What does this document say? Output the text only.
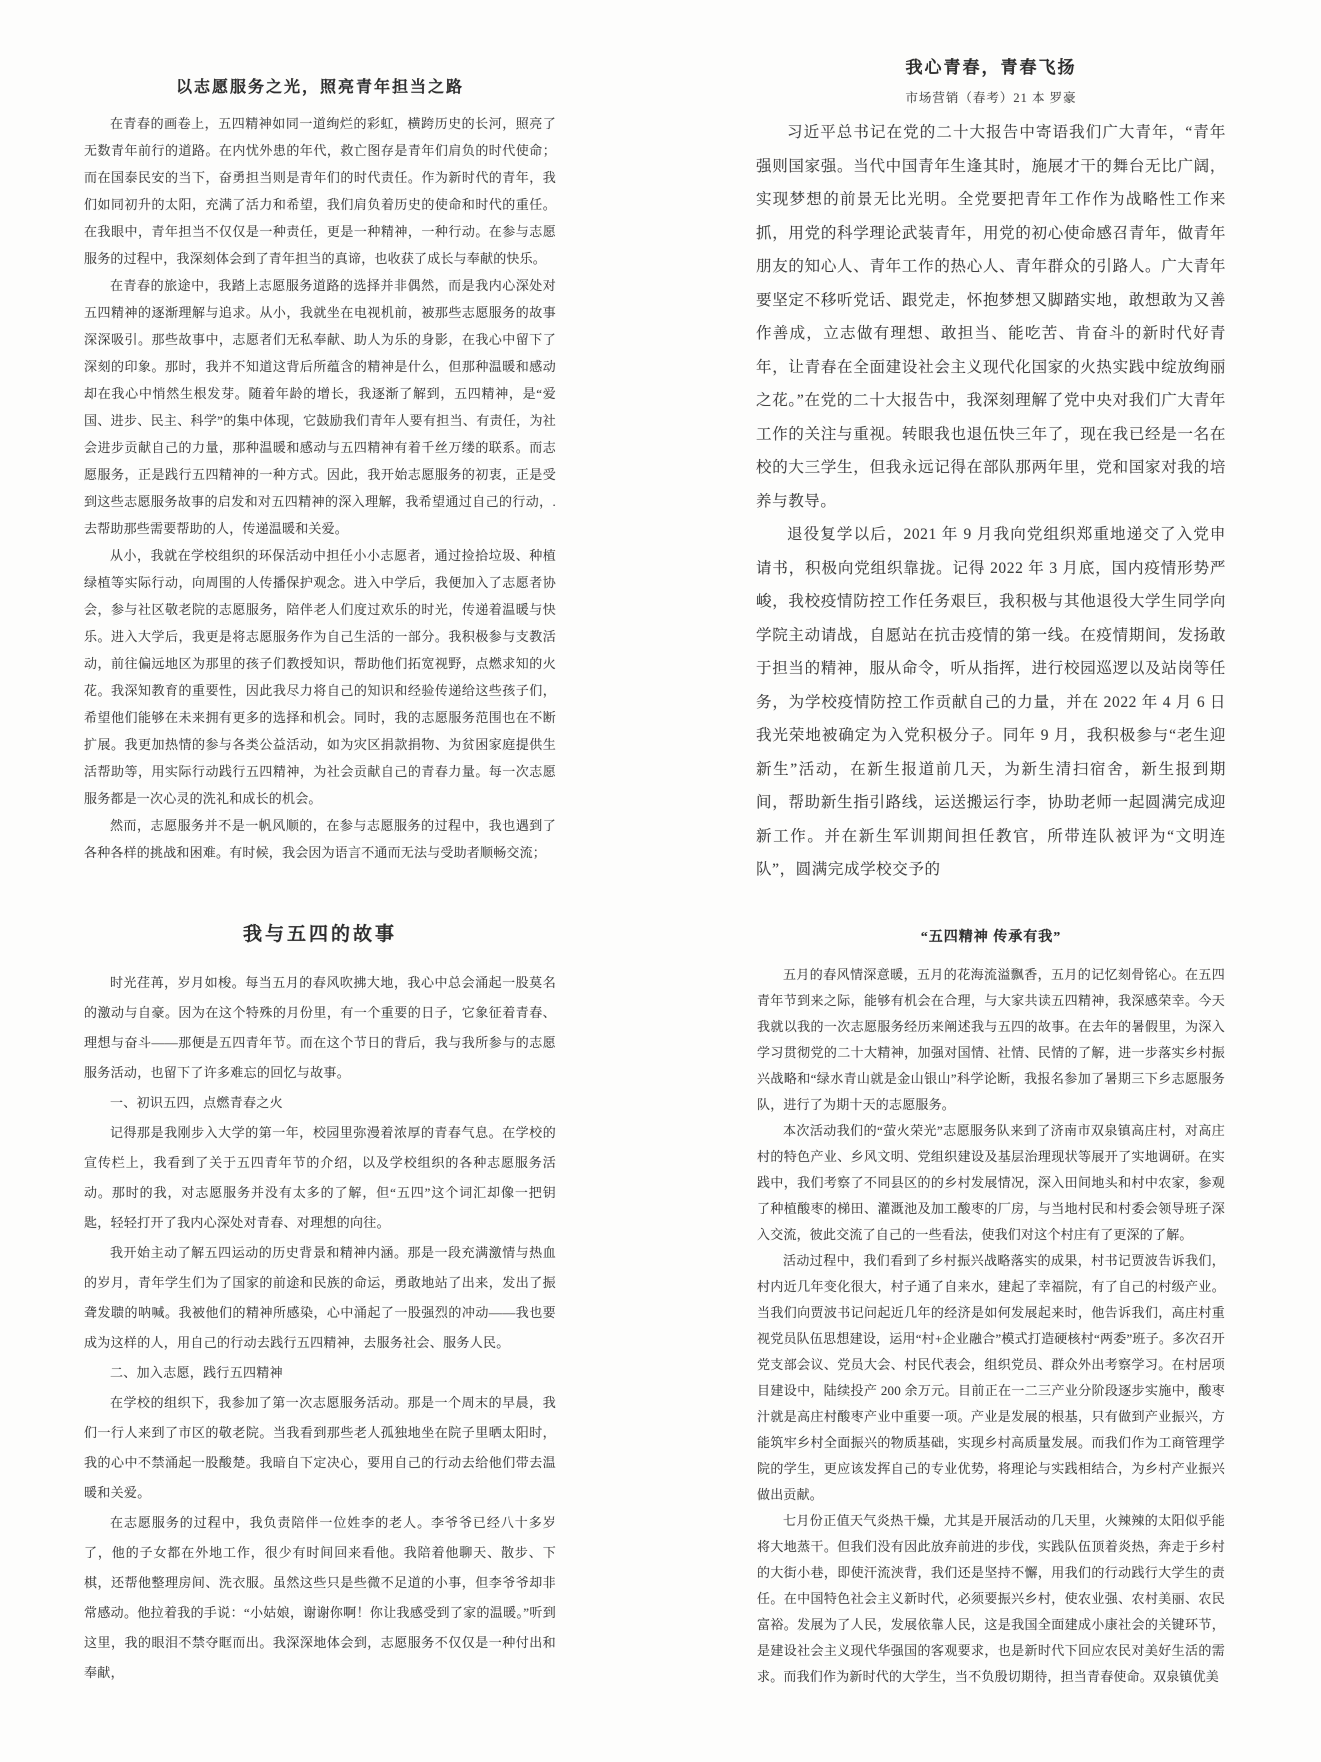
以志愿服务之光，照亮青年担当之路

在青春的画卷上，五四精神如同一道绚烂的彩虹，横跨历史的长河，照亮了无数青年前行的道路。在内忧外患的年代，救亡图存是青年们肩负的时代使命；而在国泰民安的当下，奋勇担当则是青年们的时代责任。作为新时代的青年，我们如同初升的太阳，充满了活力和希望，我们肩负着历史的使命和时代的重任。在我眼中，青年担当不仅仅是一种责任，更是一种精神，一种行动。在参与志愿服务的过程中，我深刻体会到了青年担当的真谛，也收获了成长与奉献的快乐。

在青春的旅途中，我踏上志愿服务道路的选择并非偶然，而是我内心深处对五四精神的逐渐理解与追求。从小，我就坐在电视机前，被那些志愿服务的故事深深吸引。那些故事中，志愿者们无私奉献、助人为乐的身影，在我心中留下了深刻的印象。那时，我并不知道这背后所蕴含的精神是什么，但那种温暖和感动却在我心中悄然生根发芽。随着年龄的增长，我逐渐了解到，五四精神，是“爱国、进步、民主、科学”的集中体现，它鼓励我们青年人要有担当、有责任，为社会进步贡献自己的力量，那种温暖和感动与五四精神有着千丝万缕的联系。而志愿服务，正是践行五四精神的一种方式。因此，我开始志愿服务的初衷，正是受到这些志愿服务故事的启发和对五四精神的深入理解，我希望通过自己的行动，.去帮助那些需要帮助的人，传递温暖和关爱。

从小，我就在学校组织的环保活动中担任小小志愿者，通过捡拾垃圾、种植绿植等实际行动，向周围的人传播保护观念。进入中学后，我便加入了志愿者协会，参与社区敬老院的志愿服务，陪伴老人们度过欢乐的时光，传递着温暖与快乐。进入大学后，我更是将志愿服务作为自己生活的一部分。我积极参与支教活动，前往偏远地区为那里的孩子们教授知识，帮助他们拓宽视野，点燃求知的火花。我深知教育的重要性，因此我尽力将自己的知识和经验传递给这些孩子们，希望他们能够在未来拥有更多的选择和机会。同时，我的志愿服务范围也在不断扩展。我更加热情的参与各类公益活动，如为灾区捐款捐物、为贫困家庭提供生活帮助等，用实际行动践行五四精神，为社会贡献自己的青春力量。每一次志愿服务都是一次心灵的洗礼和成长的机会。

然而，志愿服务并不是一帆风顺的，在参与志愿服务的过程中，我也遇到了各种各样的挑战和困难。有时候，我会因为语言不通而无法与受助者顺畅交流；

我心青春，青春飞扬
市场营销（春考）21 本 罗豪

习近平总书记在党的二十大报告中寄语我们广大青年，“青年强则国家强。当代中国青年生逢其时，施展才干的舞台无比广阔，实现梦想的前景无比光明。全党要把青年工作作为战略性工作来抓，用党的科学理论武装青年，用党的初心使命感召青年，做青年朋友的知心人、青年工作的热心人、青年群众的引路人。广大青年要坚定不移听党话、跟党走，怀抱梦想又脚踏实地，敢想敢为又善作善成，立志做有理想、敢担当、能吃苦、肯奋斗的新时代好青年，让青春在全面建设社会主义现代化国家的火热实践中绽放绚丽之花。”在党的二十大报告中，我深刻理解了党中央对我们广大青年工作的关注与重视。转眼我也退伍快三年了，现在我已经是一名在校的大三学生，但我永远记得在部队那两年里，党和国家对我的培养与教导。

退役复学以后，2021 年 9 月我向党组织郑重地递交了入党申请书，积极向党组织靠拢。记得 2022 年 3 月底，国内疫情形势严峻，我校疫情防控工作任务艰巨，我积极与其他退役大学生同学向学院主动请战，自愿站在抗击疫情的第一线。在疫情期间，发扬敢于担当的精神，服从命令，听从指挥，进行校园巡逻以及站岗等任务，为学校疫情防控工作贡献自己的力量，并在 2022 年 4 月 6 日我光荣地被确定为入党积极分子。同年 9 月，我积极参与“老生迎新生”活动，在新生报道前几天，为新生清扫宿舍，新生报到期间，帮助新生指引路线，运送搬运行李，协助老师一起圆满完成迎新工作。并在新生军训期间担任教官，所带连队被评为“文明连队”，圆满完成学校交予的

我与五四的故事

时光荏苒，岁月如梭。每当五月的春风吹拂大地，我心中总会涌起一股莫名的激动与自豪。因为在这个特殊的月份里，有一个重要的日子，它象征着青春、理想与奋斗——那便是五四青年节。而在这个节日的背后，我与我所参与的志愿服务活动，也留下了许多难忘的回忆与故事。

一、初识五四，点燃青春之火

记得那是我刚步入大学的第一年，校园里弥漫着浓厚的青春气息。在学校的宣传栏上，我看到了关于五四青年节的介绍，以及学校组织的各种志愿服务活动。那时的我，对志愿服务并没有太多的了解，但“五四”这个词汇却像一把钥匙，轻轻打开了我内心深处对青春、对理想的向往。

我开始主动了解五四运动的历史背景和精神内涵。那是一段充满激情与热血的岁月，青年学生们为了国家的前途和民族的命运，勇敢地站了出来，发出了振聋发聩的呐喊。我被他们的精神所感染，心中涌起了一股强烈的冲动——我也要成为这样的人，用自己的行动去践行五四精神，去服务社会、服务人民。

二、加入志愿，践行五四精神

在学校的组织下，我参加了第一次志愿服务活动。那是一个周末的早晨，我们一行人来到了市区的敬老院。当我看到那些老人孤独地坐在院子里晒太阳时，我的心中不禁涌起一股酸楚。我暗自下定决心，要用自己的行动去给他们带去温暖和关爱。

在志愿服务的过程中，我负责陪伴一位姓李的老人。李爷爷已经八十多岁了，他的子女都在外地工作，很少有时间回来看他。我陪着他聊天、散步、下棋，还帮他整理房间、洗衣服。虽然这些只是些微不足道的小事，但李爷爷却非常感动。他拉着我的手说：“小姑娘，谢谢你啊！你让我感受到了家的温暖。”听到这里，我的眼泪不禁夺眶而出。我深深地体会到，志愿服务不仅仅是一种付出和奉献，

“五四精神 传承有我”

五月的春风情深意暖，五月的花海流溢飘香，五月的记忆刻骨铭心。在五四青年节到来之际，能够有机会在合理，与大家共读五四精神，我深感荣幸。今天我就以我的一次志愿服务经历来阐述我与五四的故事。在去年的暑假里，为深入学习贯彻党的二十大精神，加强对国情、社情、民情的了解，进一步落实乡村振兴战略和“绿水青山就是金山银山”科学论断，我报名参加了暑期三下乡志愿服务队，进行了为期十天的志愿服务。

本次活动我们的“萤火荣光”志愿服务队来到了济南市双泉镇高庄村，对高庄村的特色产业、乡风文明、党组织建设及基层治理现状等展开了实地调研。在实践中，我们考察了不同县区的的乡村发展情况，深入田间地头和村中农家，参观了种植酸枣的梯田、灌溉池及加工酸枣的厂房，与当地村民和村委会领导班子深入交流，彼此交流了自己的一些看法，使我们对这个村庄有了更深的了解。

活动过程中，我们看到了乡村振兴战略落实的成果，村书记贾波告诉我们，村内近几年变化很大，村子通了自来水，建起了幸福院，有了自己的村级产业。当我们向贾波书记问起近几年的经济是如何发展起来时，他告诉我们，高庄村重视党员队伍思想建设，运用“村+企业融合”模式打造硬核村“两委”班子。多次召开党支部会议、党员大会、村民代表会，组织党员、群众外出考察学习。在村居项目建设中，陆续投产 200 余万元。目前正在一二三产业分阶段逐步实施中，酸枣汁就是高庄村酸枣产业中重要一项。产业是发展的根基，只有做到产业振兴，方能筑牢乡村全面振兴的物质基础，实现乡村高质量发展。而我们作为工商管理学院的学生，更应该发挥自己的专业优势，将理论与实践相结合，为乡村产业振兴做出贡献。

七月份正值天气炎热干燥，尤其是开展活动的几天里，火辣辣的太阳似乎能将大地蒸干。但我们没有因此放弃前进的步伐，实践队伍顶着炎热，奔走于乡村的大街小巷，即使汗流浃背，我们还是坚持不懈，用我们的行动践行大学生的责任。在中国特色社会主义新时代，必须要振兴乡村，使农业强、农村美丽、农民富裕。发展为了人民，发展依靠人民，这是我国全面建成小康社会的关键环节，是建设社会主义现代华强国的客观要求，也是新时代下回应农民对美好生活的需求。而我们作为新时代的大学生，当不负殷切期待，担当青春使命。双泉镇优美
